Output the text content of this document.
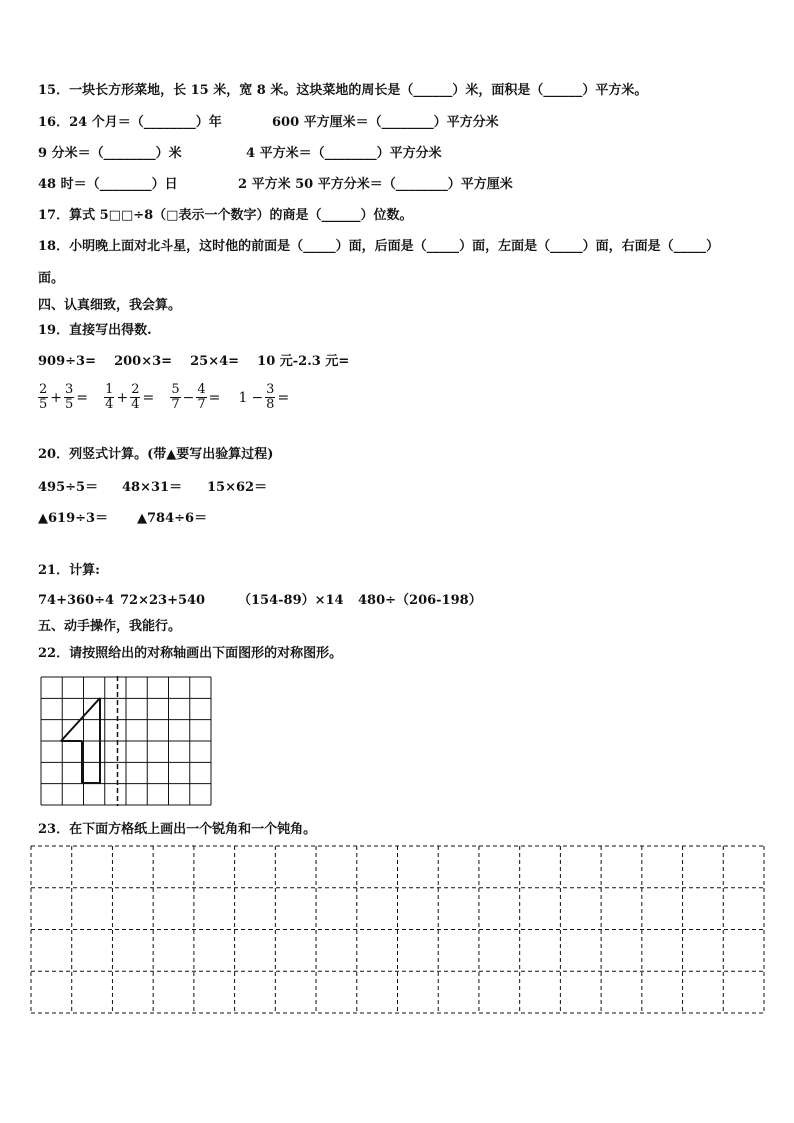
15．一块长方形菜地，长 15 米，宽 8 米。这块菜地的周长是（______）米，面积是（______）平方米。
16．24 个月＝（________）年	600 平方厘米＝（________）平方分米
9 分米＝（________）米	4 平方米＝（________）平方分米
48 时＝（________）日	2 平方米 50 平方分米＝（________）平方厘米
17．算式 5□□÷8（□表示一个数字）的商是（______）位数。
18．小明晚上面对北斗星，这时他的前面是（_____）面，后面是（_____）面，左面是（_____）面，右面是（_____）
面。
四、认真细致，我会算。
19．直接写出得数.
909÷3=    200×3=    25×4=    10 元-2.3 元=
$\frac{2}{5} + \frac{3}{5} = \frac{1}{4} + \frac{2}{4} = \frac{5}{7} - \frac{4}{7} = 1 - \frac{3}{8}$ =
20．列竖式计算。(带▲要写出验算过程)
495÷5＝ 48×31＝ 15×62＝
▲619÷3＝ ▲784÷6＝
21．计算:
74+360÷4 72×23+540	（154-89）×14 480÷（206-198）
五、动手操作，我能行。
22．请按照给出的对称轴画出下面图形的对称图形。
23．在下面方格纸上画出一个锐角和一个钝角。
